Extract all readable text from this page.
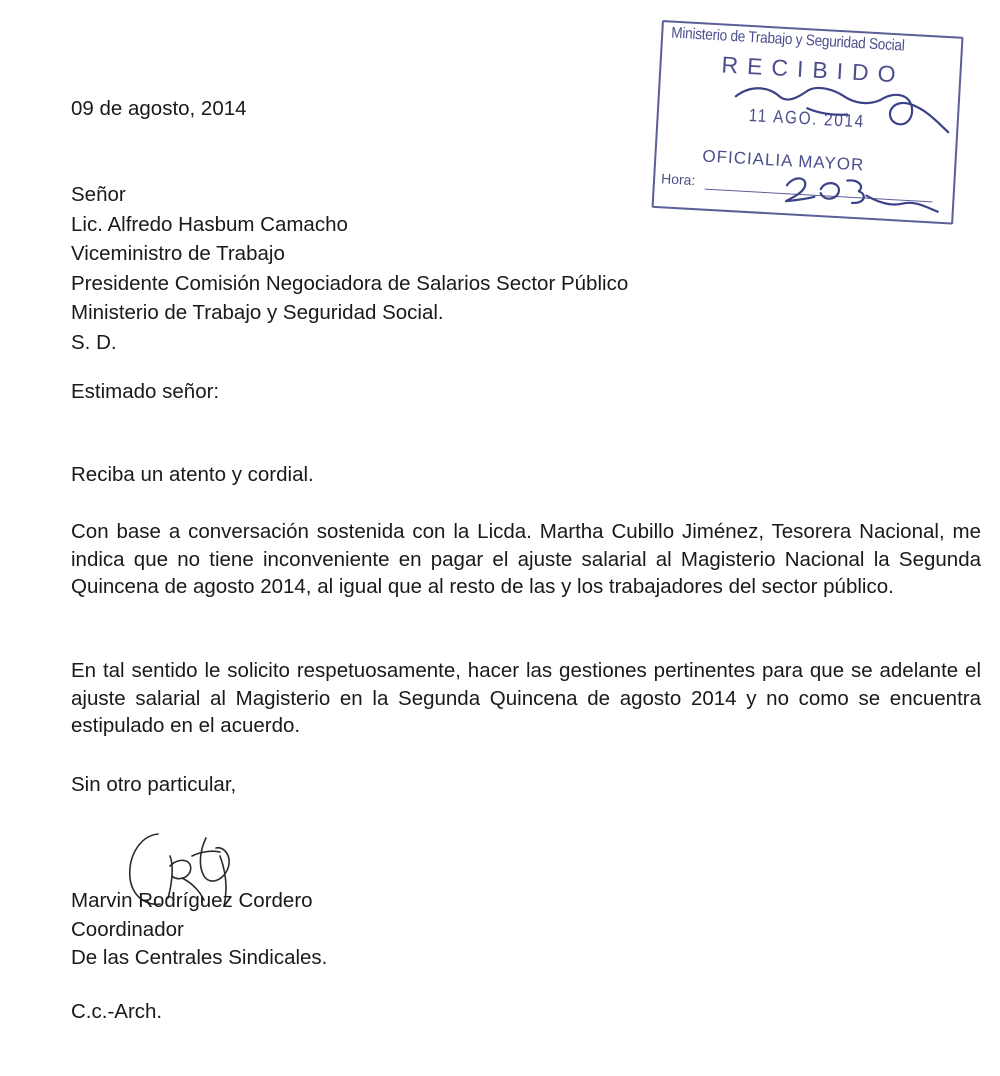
09 de agosto, 2014

Señor
Lic. Alfredo Hasbum Camacho
Viceministro de Trabajo
Presidente Comisión Negociadora de Salarios Sector Público
Ministerio de Trabajo y Seguridad Social.
S. D.

Estimado señor:

Reciba un atento y cordial.

Con base a conversación sostenida con la Licda. Martha Cubillo Jiménez, Tesorera Nacional, me indica que no tiene inconveniente en pagar el ajuste salarial al Magisterio Nacional la Segunda Quincena de agosto 2014, al igual que al resto de las y los trabajadores del sector público.

En tal sentido le solicito respetuosamente, hacer las gestiones pertinentes para que se adelante el ajuste salarial al Magisterio en la Segunda Quincena de agosto 2014 y no como se encuentra estipulado en el acuerdo.

Sin otro particular,

Marvin Rodríguez Cordero
Coordinador
De las Centrales Sindicales.

C.c.-Arch.

Ministerio de Trabajo y Seguridad Social
RECIBIDO
11 AGO. 2014
OFICIALIA MAYOR
Hora:
